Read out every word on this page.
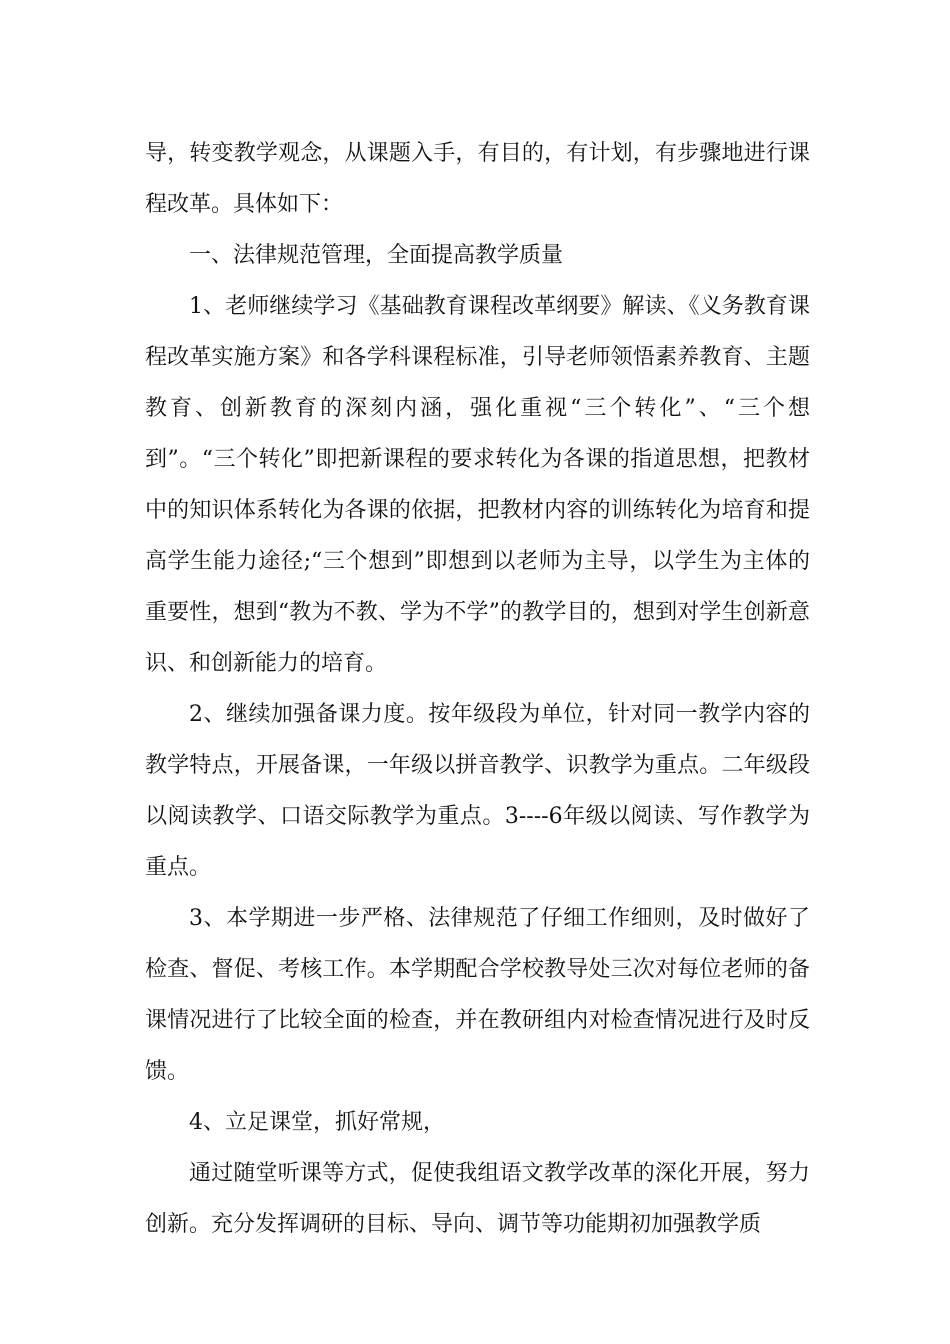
导，转变教学观念，从课题入手，有目的，有计划，有步骤地进行课程改革。具体如下：

一、法律规范管理，全面提高教学质量

1、老师继续学习《基础教育课程改革纲要》解读、《义务教育课程改革实施方案》和各学科课程标准，引导老师领悟素养教育、主题教育、创新教育的深刻内涵，强化重视“三个转化”、“三个想到”。“三个转化”即把新课程的要求转化为各课的指道思想，把教材中的知识体系转化为各课的依据，把教材内容的训练转化为培育和提高学生能力途径;“三个想到”即想到以老师为主导，以学生为主体的重要性，想到“教为不教、学为不学”的教学目的，想到对学生创新意识、和创新能力的培育。

2、继续加强备课力度。按年级段为单位，针对同一教学内容的教学特点，开展备课，一年级以拼音教学、识教学为重点。二年级段以阅读教学、口语交际教学为重点。3----6年级以阅读、写作教学为重点。

3、本学期进一步严格、法律规范了仔细工作细则，及时做好了检查、督促、考核工作。本学期配合学校教导处三次对每位老师的备课情况进行了比较全面的检查，并在教研组内对检查情况进行及时反馈。

4、立足课堂，抓好常规，

通过随堂听课等方式，促使我组语文教学改革的深化开展，努力创新。充分发挥调研的目标、导向、调节等功能期初加强教学质
